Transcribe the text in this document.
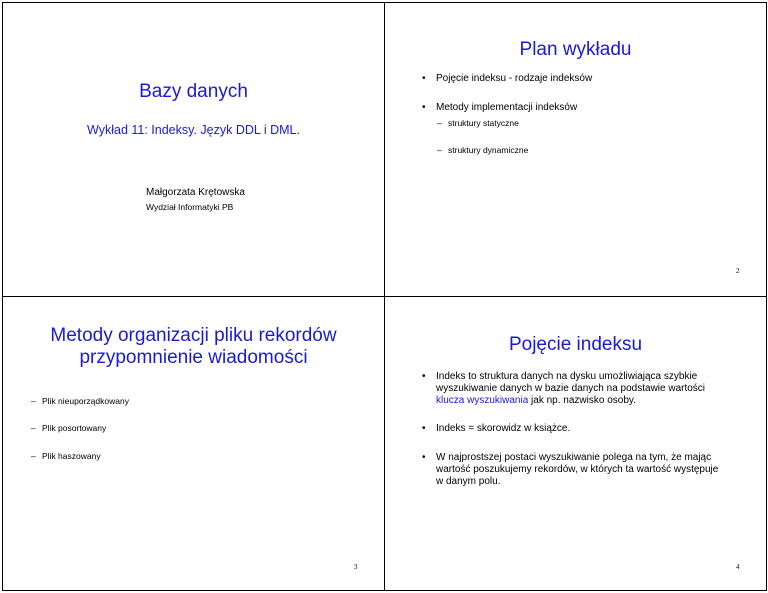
Bazy danych
Wykład 11: Indeksy. Język DDL i DML.
Małgorzata Krętowska
Wydział Informatyki PB
Plan wykładu
• Pojęcie indeksu - rodzaje indeksów
• Metody implementacji indeksów
– struktury statyczne
– struktury dynamiczne
2
Metody organizacji pliku rekordów
przypomnienie wiadomości
– Plik nieuporządkowany
– Plik posortowany
– Plik haszowany
3
Pojęcie indeksu
• Indeks to struktura danych na dysku umożliwiająca szybkie
wyszukiwanie danych w bazie danych na podstawie wartości
klucza wyszukiwania jak np. nazwisko osoby.
• Indeks = skorowidz w książce.
• W najprostszej postaci wyszukiwanie polega na tym, że mając
wartość poszukujemy rekordów, w których ta wartość występuje
w danym polu.
4
